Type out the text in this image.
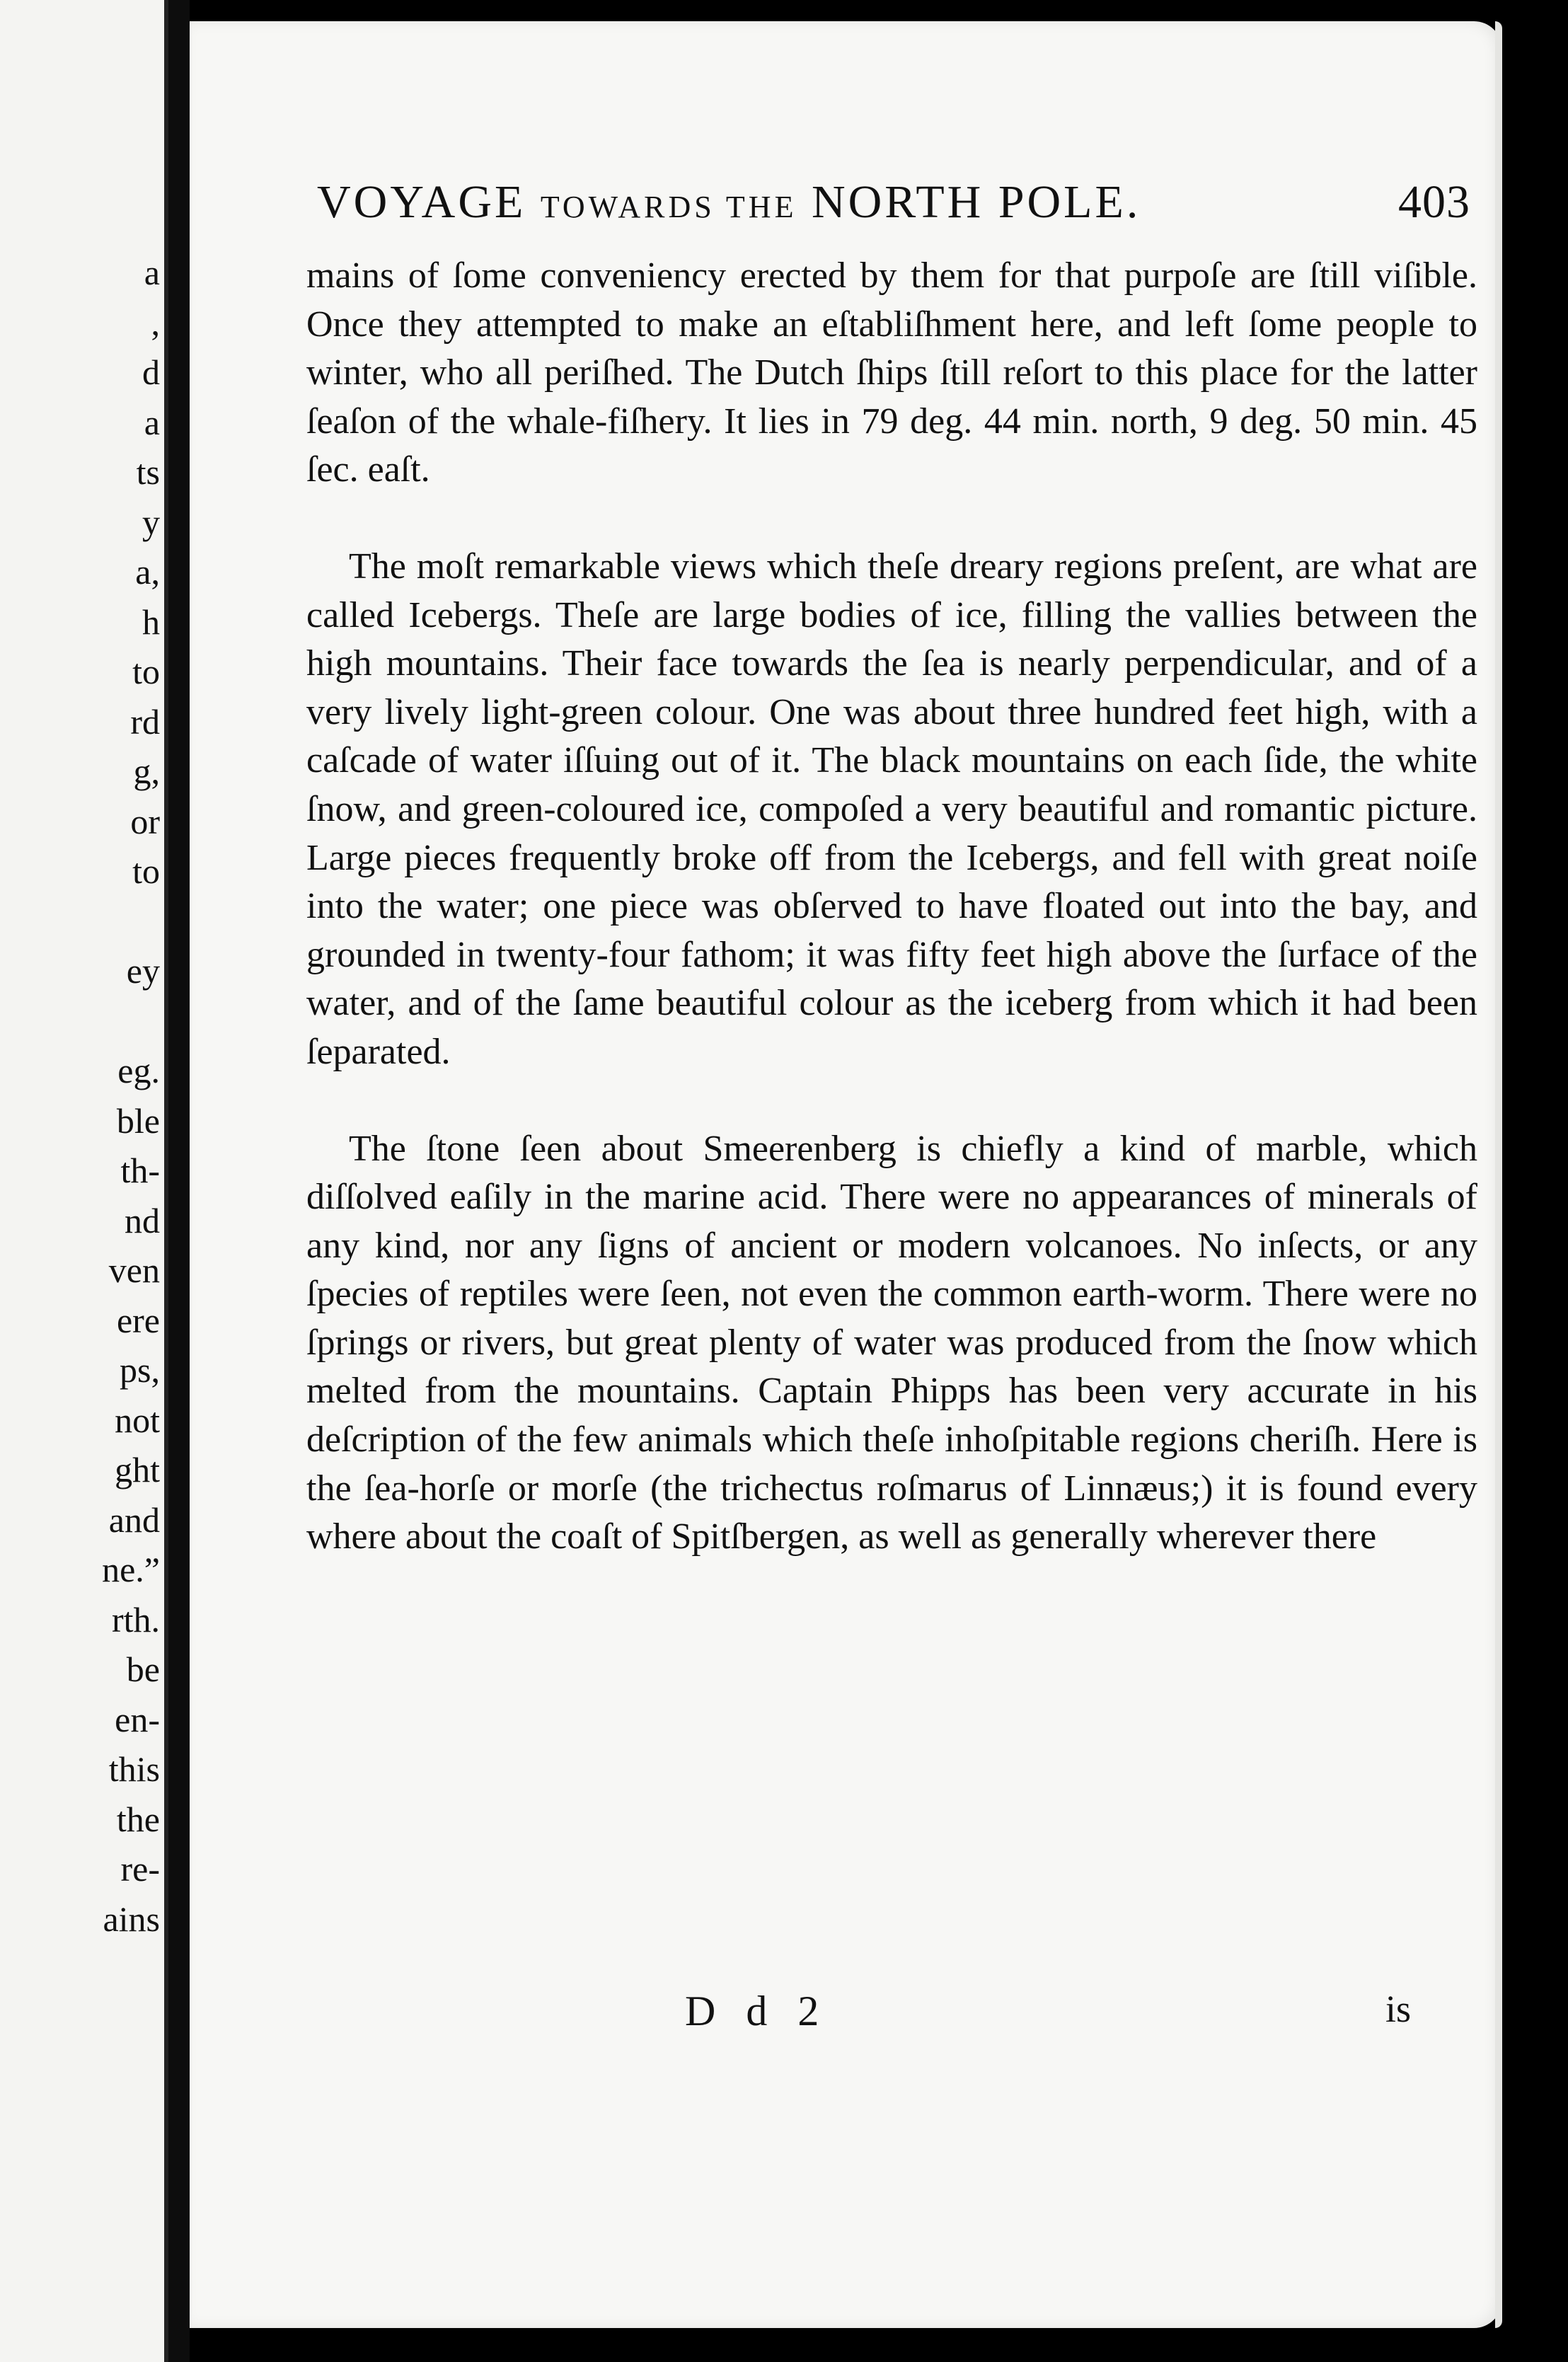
a
,
d
a
ts
y
a,
h
to
rd
g,
or
to
ey
eg.
ble
th-
nd
ven
ere
ps,
not
ght
and
ne.”
rth.
be
en-
this
the
re-
ains
VOYAGE TOWARDS THE NORTH POLE.	403

mains of ſome conveniency erected by them for that purpoſe are ſtill viſible. Once they attempted to make an eſtabliſhment here, and left ſome people to winter, who all periſhed. The Dutch ſhips ſtill reſort to this place for the latter ſeaſon of the whale-fiſhery. It lies in 79 deg. 44 min. north, 9 deg. 50 min. 45 ſec. eaſt.

The moſt remarkable views which theſe dreary regions preſent, are what are called Icebergs. Theſe are large bodies of ice, filling the vallies between the high mountains. Their face towards the ſea is nearly perpendicular, and of a very lively light-green colour. One was about three hundred feet high, with a caſcade of water iſſuing out of it. The black mountains on each ſide, the white ſnow, and green-coloured ice, compoſed a very beautiful and romantic picture. Large pieces frequently broke off from the Icebergs, and fell with great noiſe into the water; one piece was obſerved to have floated out into the bay, and grounded in twenty-four fathom; it was fifty feet high above the ſurface of the water, and of the ſame beautiful colour as the iceberg from which it had been ſeparated.

The ſtone ſeen about Smeerenberg is chiefly a kind of marble, which diſſolved eaſily in the marine acid. There were no appearances of minerals of any kind, nor any ſigns of ancient or modern volcanoes. No inſects, or any ſpecies of reptiles were ſeen, not even the common earth-worm. There were no ſprings or rivers, but great plenty of water was produced from the ſnow which melted from the mountains. Captain Phipps has been very accurate in his deſcription of the few animals which theſe inhoſpitable regions cheriſh. Here is the ſea-horſe or morſe (the trichectus roſmarus of Linnæus;) it is found every where about the coaſt of Spitſbergen, as well as generally wherever there

D d 2	is
